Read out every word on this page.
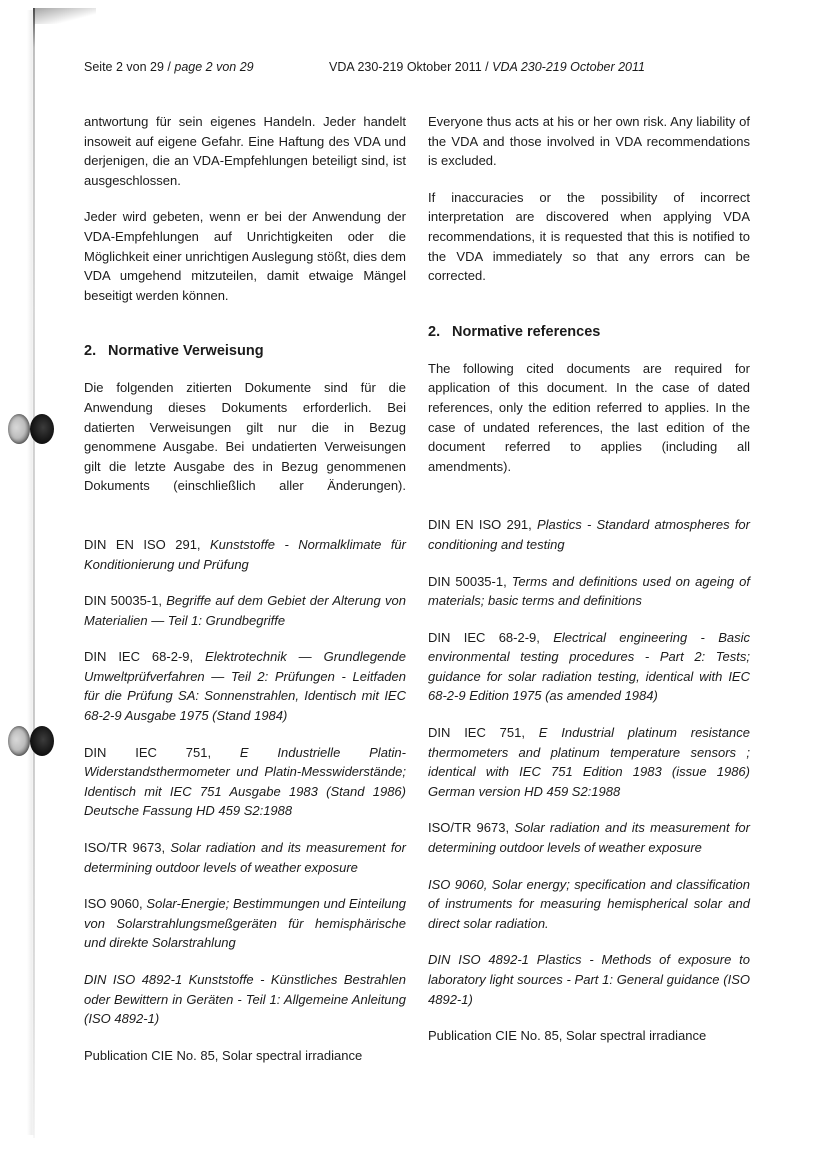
Seite 2 von 29 / page 2 von 29	VDA 230-219 Oktober 2011 / VDA 230-219 October 2011

antwortung für sein eigenes Handeln. Jeder handelt insoweit auf eigene Gefahr. Eine Haftung des VDA und derjenigen, die an VDA-Empfehlungen beteiligt sind, ist ausgeschlossen.

Jeder wird gebeten, wenn er bei der Anwendung der VDA-Empfehlungen auf Unrichtigkeiten oder die Möglichkeit einer unrichtigen Auslegung stößt, dies dem VDA umgehend mitzuteilen, damit etwaige Mängel beseitigt werden können.

2. Normative Verweisung

Die folgenden zitierten Dokumente sind für die Anwendung dieses Dokuments erforderlich. Bei datierten Verweisungen gilt nur die in Bezug genommene Ausgabe. Bei undatierten Verweisungen gilt die letzte Ausgabe des in Bezug genommenen Dokuments (einschließlich aller Änderungen).

DIN EN ISO 291, Kunststoffe - Normalklimate für Konditionierung und Prüfung

DIN 50035-1, Begriffe auf dem Gebiet der Alterung von Materialien — Teil 1: Grundbegriffe

DIN IEC 68-2-9, Elektrotechnik — Grundlegende Umweltprüfverfahren — Teil 2: Prüfungen - Leitfaden für die Prüfung SA: Sonnenstrahlen, Identisch mit IEC 68-2-9 Ausgabe 1975 (Stand 1984)

DIN IEC 751, E Industrielle Platin-Widerstandsthermometer und Platin-Messwiderstände; Identisch mit IEC 751 Ausgabe 1983 (Stand 1986) Deutsche Fassung HD 459 S2:1988

ISO/TR 9673, Solar radiation and its measurement for determining outdoor levels of weather exposure

ISO 9060, Solar-Energie; Bestimmungen und Einteilung von Solarstrahlungsmeßgeräten für hemisphärische und direkte Solarstrahlung

DIN ISO 4892-1 Kunststoffe - Künstliches Bestrahlen oder Bewittern in Geräten - Teil 1: Allgemeine Anleitung (ISO 4892-1)

Publication CIE No. 85, Solar spectral irradiance

Everyone thus acts at his or her own risk. Any liability of the VDA and those involved in VDA recommendations is excluded.

If inaccuracies or the possibility of incorrect interpretation are discovered when applying VDA recommendations, it is requested that this is notified to the VDA immediately so that any errors can be corrected.

2. Normative references

The following cited documents are required for application of this document. In the case of dated references, only the edition referred to applies. In the case of undated references, the last edition of the document referred to applies (including all amendments).

DIN EN ISO 291, Plastics - Standard atmospheres for conditioning and testing

DIN 50035-1, Terms and definitions used on ageing of materials; basic terms and definitions

DIN IEC 68-2-9, Electrical engineering - Basic environmental testing procedures - Part 2: Tests; guidance for solar radiation testing, identical with IEC 68-2-9 Edition 1975 (as amended 1984)

DIN IEC 751, E Industrial platinum resistance thermometers and platinum temperature sensors ; identical with IEC 751 Edition 1983 (issue 1986) German version HD 459 S2:1988

ISO/TR 9673, Solar radiation and its measurement for determining outdoor levels of weather exposure

ISO 9060, Solar energy; specification and classification of instruments for measuring hemispherical solar and direct solar radiation.

DIN ISO 4892-1 Plastics - Methods of exposure to laboratory light sources - Part 1: General guidance (ISO 4892-1)

Publication CIE No. 85, Solar spectral irradiance
